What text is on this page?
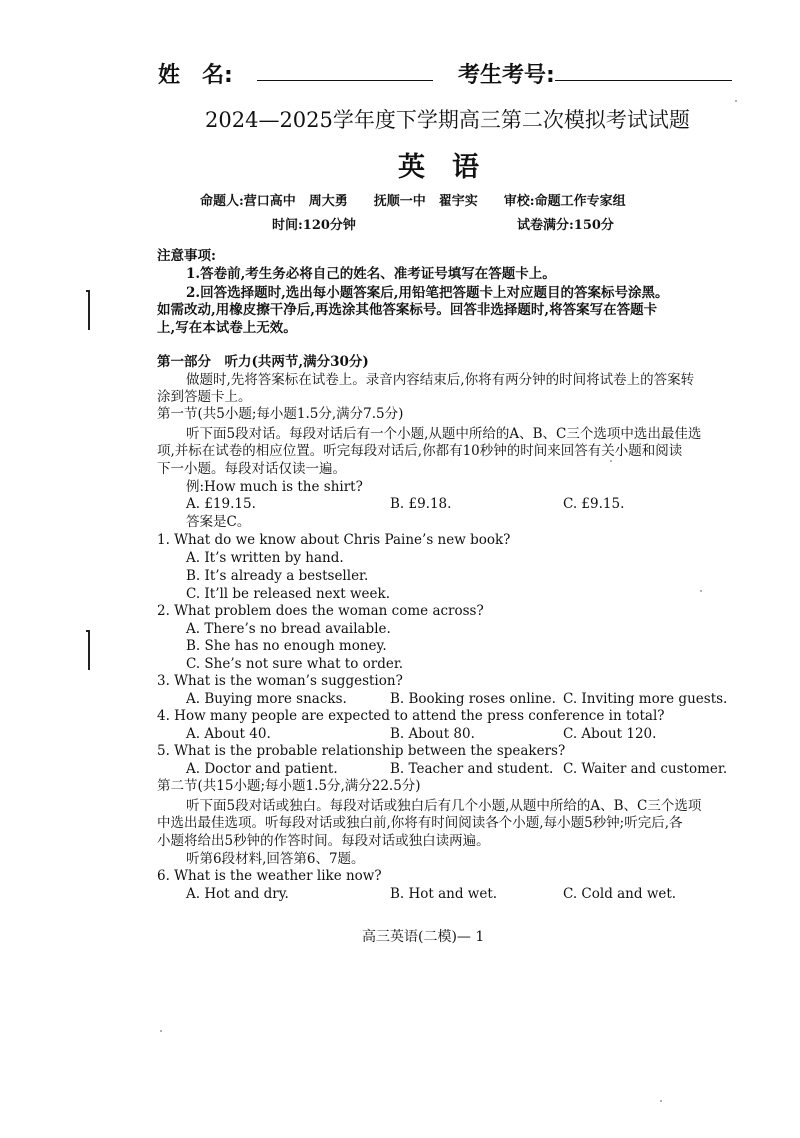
姓　名:	考生考号:
2024—2025学年度下学期高三第二次模拟考试试题
英　语
命题人:营口高中　周大勇　　抚顺一中　翟宇实　　审校:命题工作专家组
时间:120分钟	试卷满分:150分
注意事项:
1.答卷前,考生务必将自己的姓名、准考证号填写在答题卡上。
2.回答选择题时,选出每小题答案后,用铅笔把答题卡上对应题目的答案标号涂黑。
如需改动,用橡皮擦干净后,再选涂其他答案标号。回答非选择题时,将答案写在答题卡
上,写在本试卷上无效。
第一部分　听力(共两节,满分30分)
做题时,先将答案标在试卷上。录音内容结束后,你将有两分钟的时间将试卷上的答案转
涂到答题卡上。
第一节(共5小题;每小题1.5分,满分7.5分)
听下面5段对话。每段对话后有一个小题,从题中所给的A、B、C三个选项中选出最佳选
项,并标在试卷的相应位置。听完每段对话后,你都有10秒钟的时间来回答有关小题和阅读
下一小题。每段对话仅读一遍。
例:How much is the shirt?
A. £19.15.	B. £9.18.	C. £9.15.
答案是C。
1. What do we know about Chris Paine’s new book?
A. It’s written by hand.
B. It’s already a bestseller.
C. It’ll be released next week.
2. What problem does the woman come across?
A. There’s no bread available.
B. She has no enough money.
C. She’s not sure what to order.
3. What is the woman’s suggestion?
A. Buying more snacks.	B. Booking roses online. C. Inviting more guests.
4. How many people are expected to attend the press conference in total?
A. About 40.	B. About 80.	C. About 120.
5. What is the probable relationship between the speakers?
A. Doctor and patient.	B. Teacher and student. C. Waiter and customer.
第二节(共15小题;每小题1.5分,满分22.5分)
听下面5段对话或独白。每段对话或独白后有几个小题,从题中所给的A、B、C三个选项
中选出最佳选项。听每段对话或独白前,你将有时间阅读各个小题,每小题5秒钟;听完后,各
小题将给出5秒钟的作答时间。每段对话或独白读两遍。
听第6段材料,回答第6、7题。
6. What is the weather like now?
A. Hot and dry.	B. Hot and wet.	C. Cold and wet.
高三英语(二模)— 1
